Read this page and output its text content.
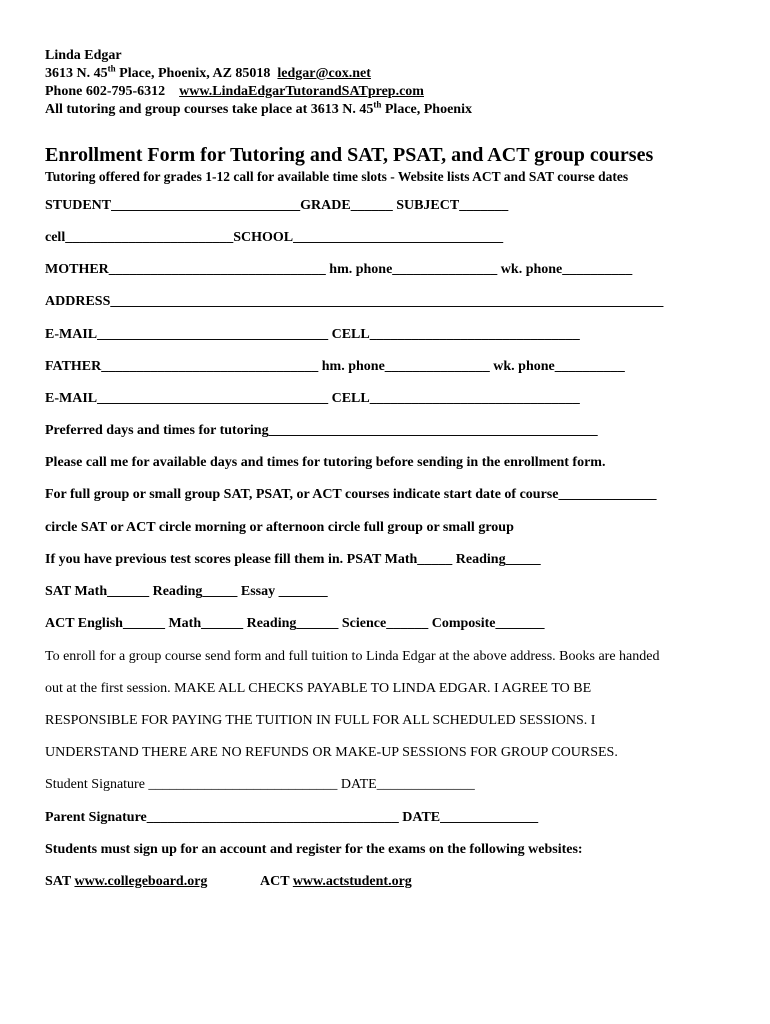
Linda Edgar
3613 N. 45th Place, Phoenix, AZ 85018  ledgar@cox.net
Phone 602-795-6312    www.LindaEdgarTutorandSATprep.com
All tutoring and group courses take place at 3613 N. 45th Place, Phoenix
Enrollment Form for Tutoring and SAT, PSAT, and ACT group courses
Tutoring offered for grades 1-12 call for available time slots - Website lists ACT and SAT course dates
STUDENT___________________________GRADE______ SUBJECT_______
cell________________________SCHOOL______________________________
MOTHER_______________________________ hm. phone_______________ wk. phone__________
ADDRESS_______________________________________________________________________________
E-MAIL_________________________________ CELL______________________________
FATHER_______________________________ hm. phone_______________ wk. phone__________
E-MAIL_________________________________ CELL______________________________
Preferred days and times for tutoring_______________________________________________
Please call me for available days and times for tutoring before sending in the enrollment form.
For full group or small group SAT, PSAT, or ACT courses indicate start date of course______________
circle SAT or ACT circle morning or afternoon circle full group or small group
If you have previous test scores please fill them in. PSAT Math_____ Reading_____
SAT Math______ Reading_____ Essay _______
ACT English______ Math______ Reading______ Science______ Composite_______
To enroll for a group course send form and full tuition to Linda Edgar at the above address. Books are handed
out at the first session. MAKE ALL CHECKS PAYABLE TO LINDA EDGAR. I AGREE TO BE
RESPONSIBLE FOR PAYING THE TUITION IN FULL FOR ALL SCHEDULED SESSIONS. I
UNDERSTAND THERE ARE NO REFUNDS OR MAKE-UP SESSIONS FOR GROUP COURSES.
Student Signature ___________________________ DATE______________
Parent Signature____________________________________ DATE______________
Students must sign up for an account and register for the exams on the following websites:
SAT www.collegeboard.org	ACT www.actstudent.org
